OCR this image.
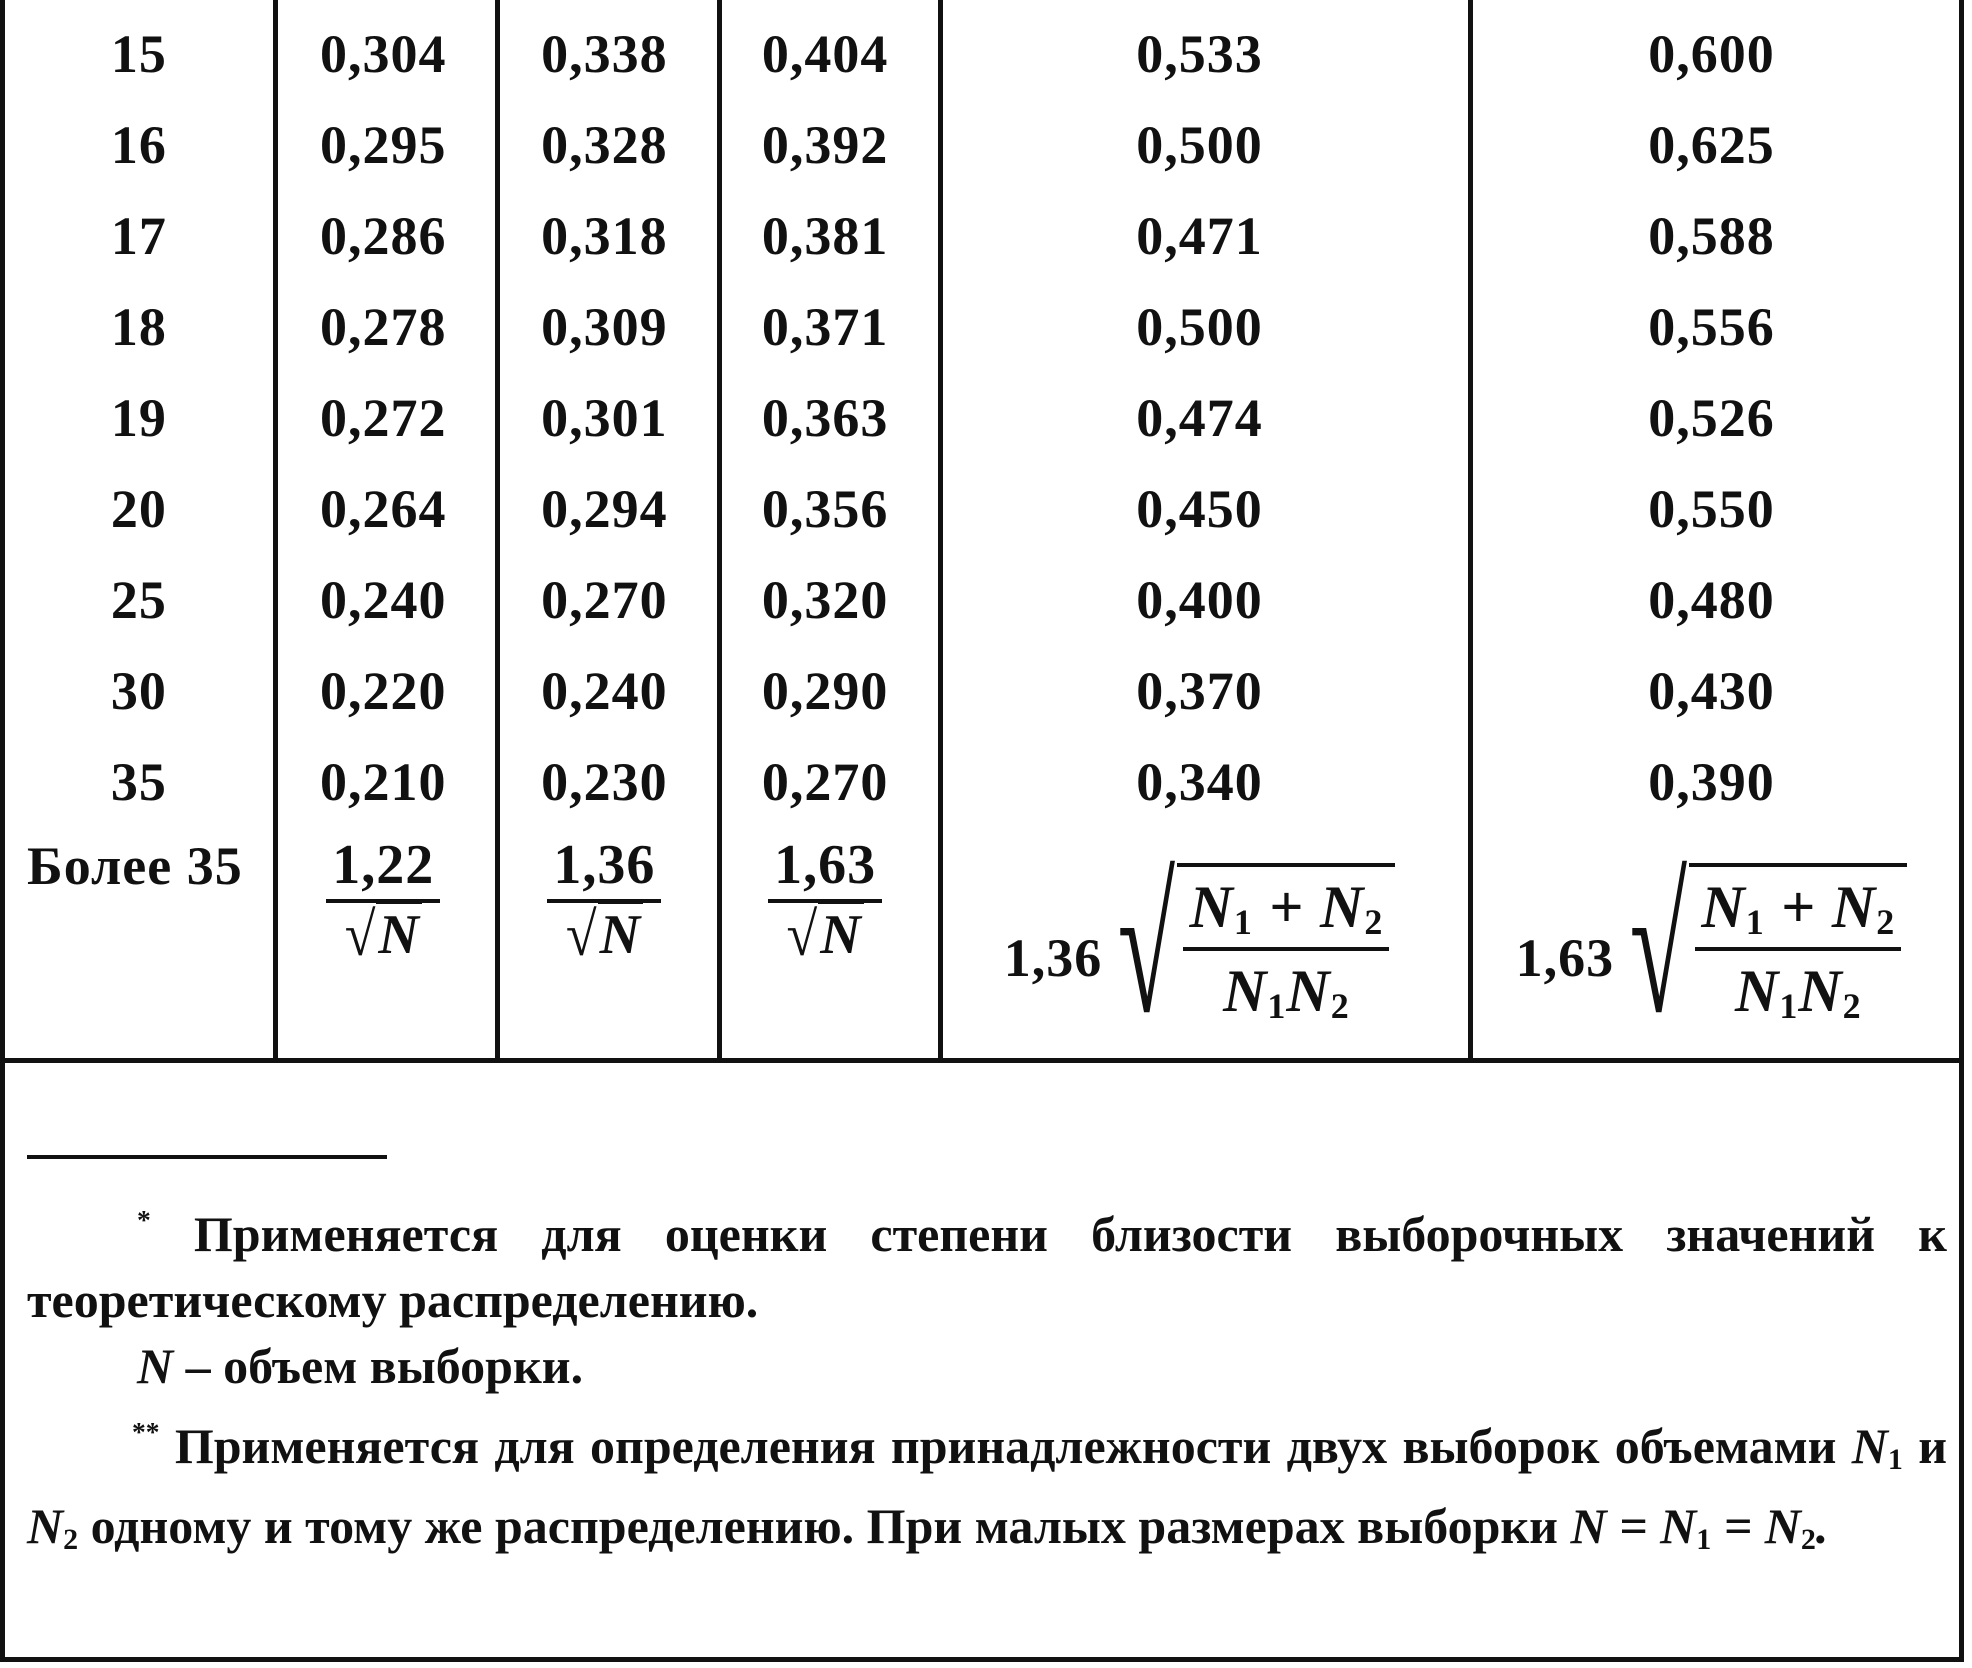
15	0,304	0,338	0,404	0,533	0,600
16	0,295	0,328	0,392	0,500	0,625
17	0,286	0,318	0,381	0,471	0,588
18	0,278	0,309	0,371	0,500	0,556
19	0,272	0,301	0,363	0,474	0,526
20	0,264	0,294	0,356	0,450	0,550
25	0,240	0,270	0,320	0,400	0,480
30	0,220	0,240	0,290	0,370	0,430
35	0,210	0,230	0,270	0,340	0,390
Более 35	$\frac{1,22}{√N}$	$\frac{1,36}{√N}$	$\frac{1,63}{√N}$	1,36 √ $\frac{N_1 + N_2}{N_1N_2}$	1,63 √ $\frac{N_1 + N_2}{N_1N_2}$

* Применяется для оценки степени близости выборочных значений к теоретическому распределению.

N – объем выборки.

** Применяется для определения принадлежности двух выборок объемами $N_1$ и $N_2$ одному и тому же распределению. При малых размерах выборки $N = N_1 = N_2$.
